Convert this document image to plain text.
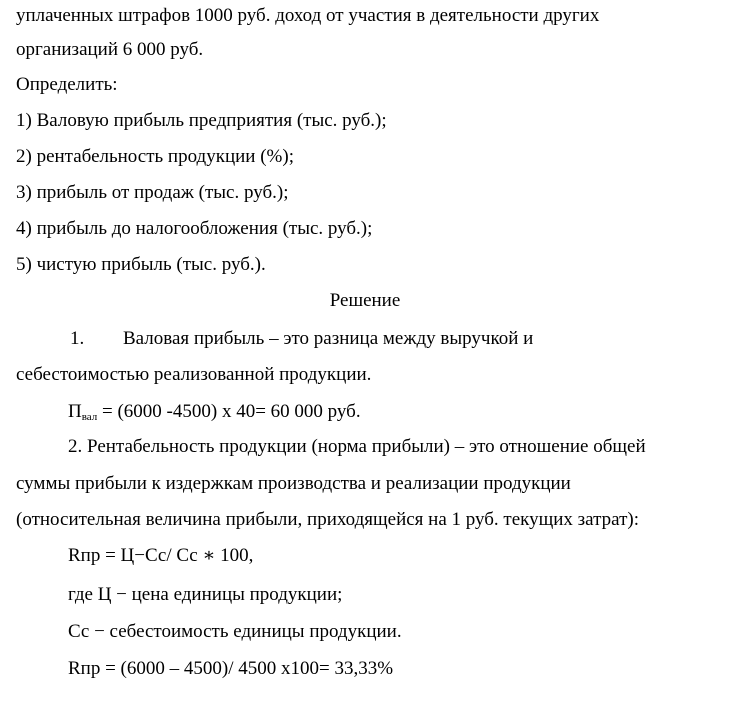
уплаченных штрафов 1000 руб. доход от участия в деятельности других
организаций 6 000 руб.
Определить:
1) Валовую прибыль предприятия (тыс. руб.);
2) рентабельность продукции (%);
3) прибыль от продаж (тыс. руб.);
4) прибыль до налогообложения (тыс. руб.);
5) чистую прибыль (тыс. руб.).
Решение
1. Валовая прибыль – это разница между выручкой и
себестоимостью реализованной продукции.
$П_{вал} = (6000$ -4500) х 40= 60 000 руб.
2. Рентабельность продукции (норма прибыли) – это отношение общей
суммы прибыли к издержкам производства и реализации продукции
(относительная величина прибыли, приходящейся на 1 руб. текущих затрат):
Rпр = Ц−Сс/ Сс ∗ 100,
где Ц − цена единицы продукции;
Сс − себестоимость единицы продукции.
Rпр = (6000 – 4500)/ 4500 х100= 33,33%
